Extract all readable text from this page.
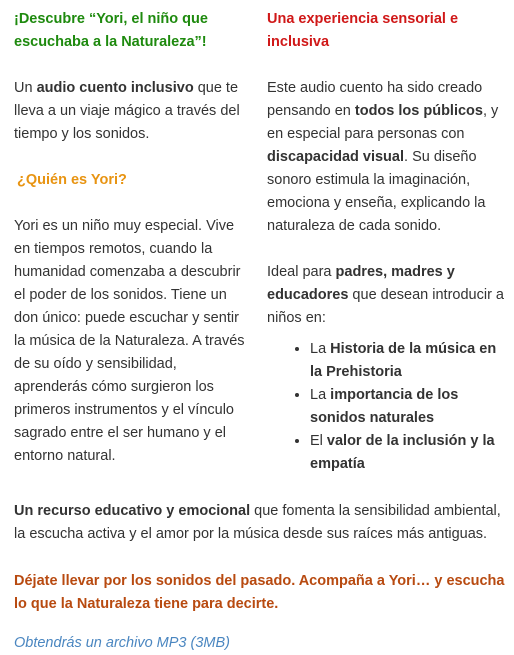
¡Descubre “Yori, el niño que escuchaba a la Naturaleza”!

Un audio cuento inclusivo que te lleva a un viaje mágico a través del tiempo y los sonidos.

¿Quién es Yori?

Yori es un niño muy especial. Vive en tiempos remotos, cuando la humanidad comenzaba a descubrir el poder de los sonidos. Tiene un don único: puede escuchar y sentir la música de la Naturaleza. A través de su oído y sensibilidad, aprenderás cómo surgieron los primeros instrumentos y el vínculo sagrado entre el ser humano y el entorno natural.

Una experiencia sensorial e inclusiva

Este audio cuento ha sido creado pensando en todos los públicos, y en especial para personas con discapacidad visual. Su diseño sonoro estimula la imaginación, emociona y enseña, explicando la naturaleza de cada sonido.

Ideal para padres, madres y educadores que desean introducir a niños en:

• La Historia de la música en la Prehistoria
• La importancia de los sonidos naturales
• El valor de la inclusión y la empatía

Un recurso educativo y emocional que fomenta la sensibilidad ambiental, la escucha activa y el amor por la música desde sus raíces más antiguas.

Déjate llevar por los sonidos del pasado. Acompaña a Yori… y escucha lo que la Naturaleza tiene para decirte.

Obtendrás un archivo MP3 (3MB)
